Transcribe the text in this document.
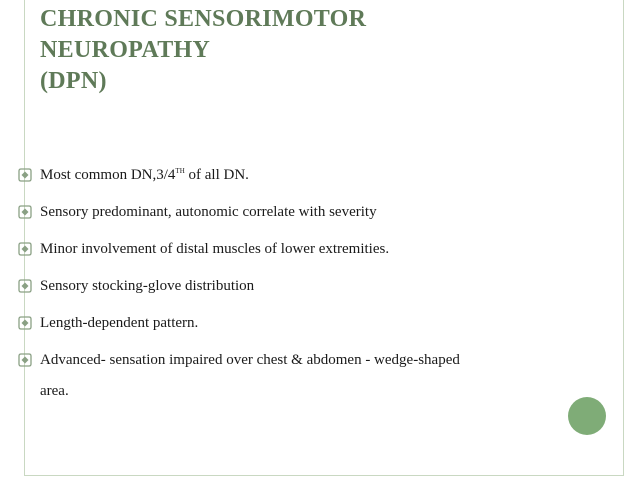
CHRONIC SENSORIMOTOR
NEUROPATHY
(DPN)
Most common DN,3/4TH of all DN.
Sensory predominant, autonomic correlate with severity
Minor involvement of distal muscles of lower extremities.
Sensory stocking-glove distribution
Length-dependent pattern.
Advanced- sensation impaired over chest & abdomen - wedge-shaped
area.
